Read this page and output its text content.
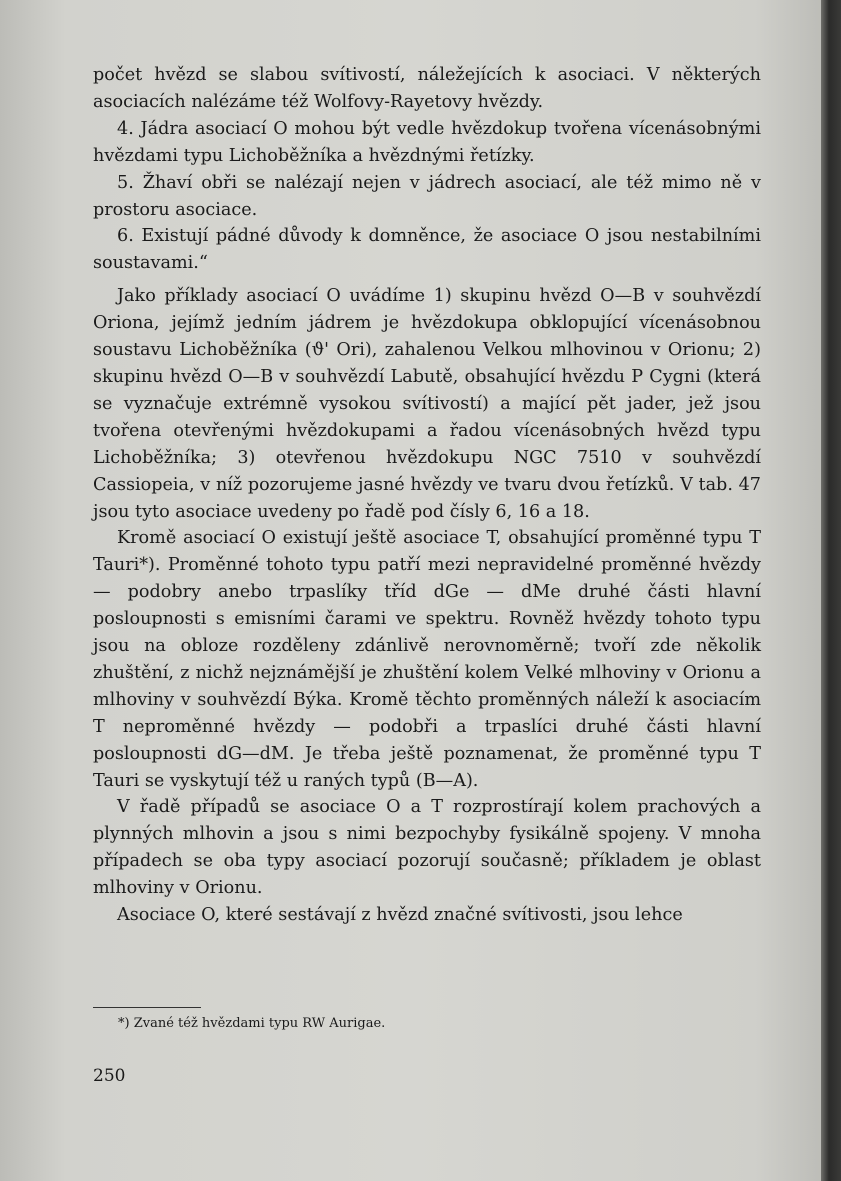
počet hvězd se slabou svítivostí, náležejících k asociaci. V některých asociacích nalézáme též Wolfovy-Rayetovy hvězdy.

4. Jádra asociací O mohou být vedle hvězdokup tvořena vícenásobnými hvězdami typu Lichoběžníka a hvězdnými řetízky.

5. Žhaví obři se nalézají nejen v jádrech asociací, ale též mimo ně v prostoru asociace.

6. Existují pádné důvody k domněnce, že asociace O jsou nestabilními soustavami.“

Jako příklady asociací O uvádíme 1) skupinu hvězd O—B v souhvězdí Oriona, jejímž jedním jádrem je hvězdokupa obklopující vícenásobnou soustavu Lichoběžníka (ϑ' Ori), zahalenou Velkou mlhovinou v Orionu; 2) skupinu hvězd O—B v souhvězdí Labutě, obsahující hvězdu P Cygni (která se vyznačuje extrémně vysokou svítivostí) a mající pět jader, jež jsou tvořena otevřenými hvězdokupami a řadou vícenásobných hvězd typu Lichoběžníka; 3) otevřenou hvězdokupu NGC 7510 v souhvězdí Cassiopeia, v níž pozorujeme jasné hvězdy ve tvaru dvou řetízků. V tab. 47 jsou tyto asociace uvedeny po řadě pod čísly 6, 16 a 18.

Kromě asociací O existují ještě asociace T, obsahující proměnné typu T Tauri*). Proměnné tohoto typu patří mezi nepravidelné proměnné hvězdy — podobry anebo trpaslíky tříd dGe — dMe druhé části hlavní posloupnosti s emisními čarami ve spektru. Rovněž hvězdy tohoto typu jsou na obloze rozděleny zdánlivě nerovnoměrně; tvoří zde několik zhuštění, z nichž nejznámější je zhuštění kolem Velké mlhoviny v Orionu a mlhoviny v souhvězdí Býka. Kromě těchto proměnných náleží k asociacím T neproměnné hvězdy — podobři a trpaslíci druhé části hlavní posloupnosti dG—dM. Je třeba ještě poznamenat, že proměnné typu T Tauri se vyskytují též u raných typů (B—A).

V řadě případů se asociace O a T rozprostírají kolem prachových a plynných mlhovin a jsou s nimi bezpochyby fysikálně spojeny. V mnoha případech se oba typy asociací pozorují současně; příkladem je oblast mlhoviny v Orionu.

Asociace O, které sestávají z hvězd značné svítivosti, jsou lehce

*) Zvané též hvězdami typu RW Aurigae.
250
